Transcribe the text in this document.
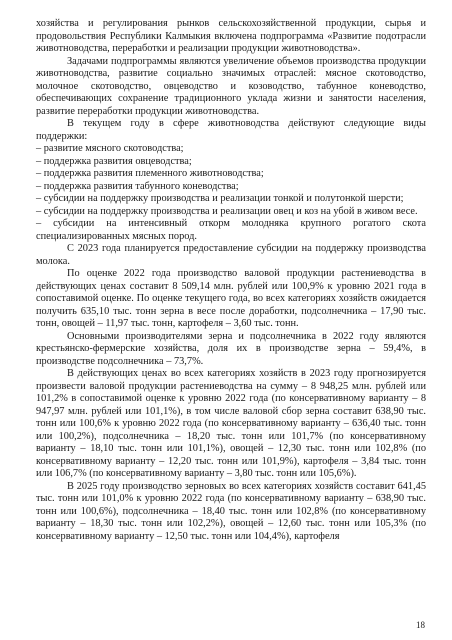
хозяйства и регулирования рынков сельскохозяйственной продукции, сырья и продовольствия Республики Калмыкия включена подпрограмма «Развитие подотрасли животноводства, переработки и реализации продукции животноводства».

Задачами подпрограммы являются увеличение объемов производства продукции животноводства, развитие социально значимых отраслей: мясное скотоводство, молочное скотоводство, овцеводство и козоводство, табунное коневодство, обеспечивающих сохранение традиционного уклада жизни и занятости населения, развитие переработки продукции животноводства.

В текущем году в сфере животноводства действуют следующие виды поддержки:

– развитие мясного скотоводства;

– поддержка развития овцеводства;

– поддержка развития племенного животноводства;

– поддержка развития табунного коневодства;

– субсидии на поддержку производства и реализации тонкой и полутонкой шерсти;

– субсидии на поддержку производства и реализации овец и коз на убой в живом весе.

– субсидии на интенсивный откорм молодняка крупного рогатого скота специализированных мясных пород.

С 2023 года планируется предоставление субсидии на поддержку производства молока.

По оценке 2022 года производство валовой продукции растениеводства в действующих ценах составит 8 509,14 млн. рублей или 100,9% к уровню 2021 года в сопоставимой оценке. По оценке текущего года, во всех категориях хозяйств ожидается получить 635,10 тыс. тонн зерна в весе после доработки, подсолнечника – 17,90 тыс. тонн, овощей – 11,97 тыс. тонн, картофеля – 3,60 тыс. тонн.

Основными производителями зерна и подсолнечника в 2022 году являются крестьянско-фермерские хозяйства, доля их в производстве зерна – 59,4%, в производстве подсолнечника – 73,7%.

В действующих ценах во всех категориях хозяйств в 2023 году прогнозируется произвести валовой продукции растениеводства на сумму – 8 948,25 млн. рублей или 101,2% в сопоставимой оценке к уровню 2022 года (по консервативному варианту – 8 947,97 млн. рублей или 101,1%), в том числе валовой сбор зерна составит 638,90 тыс. тонн или 100,6% к уровню 2022 года (по консервативному варианту – 636,40 тыс. тонн или 100,2%), подсолнечника – 18,20 тыс. тонн или 101,7% (по консервативному варианту – 18,10 тыс. тонн или 101,1%), овощей – 12,30 тыс. тонн или 102,8% (по консервативному варианту – 12,20 тыс. тонн или 101,9%), картофеля – 3,84 тыс. тонн или 106,7% (по консервативному варианту – 3,80 тыс. тонн или 105,6%).

В 2025 году производство зерновых во всех категориях хозяйств составит 641,45 тыс. тонн или 101,0% к уровню 2022 года (по консервативному варианту – 638,90 тыс. тонн или 100,6%), подсолнечника – 18,40 тыс. тонн или 102,8% (по консервативному варианту – 18,30 тыс. тонн или 102,2%), овощей – 12,60 тыс. тонн или 105,3% (по консервативному варианту – 12,50 тыс. тонн или 104,4%), картофеля

18
